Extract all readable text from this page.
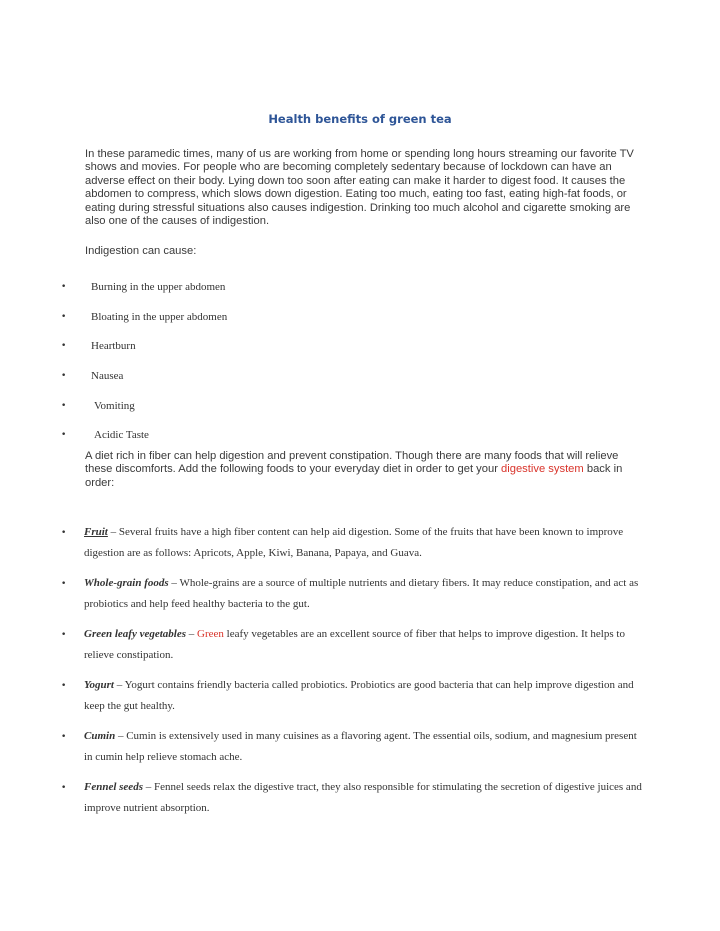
Health benefits of green tea
In these paramedic times, many of us are working from home or spending long hours streaming our favorite TV shows and movies. For people who are becoming completely sedentary because of lockdown can have an adverse effect on their body. Lying down too soon after eating can make it harder to digest food. It causes the abdomen to compress, which slows down digestion. Eating too much, eating too fast, eating high-fat foods, or eating during stressful situations also causes indigestion. Drinking too much alcohol and cigarette smoking are also one of the causes of indigestion.
Indigestion can cause:
• Burning in the upper abdomen
• Bloating in the upper abdomen
• Heartburn
• Nausea
•	Vomiting
•	Acidic Taste
A diet rich in fiber can help digestion and prevent constipation. Though there are many foods that will relieve these discomforts. Add the following foods to your everyday diet in order to get your digestive system back in order:
• Fruit – Several fruits have a high fiber content can help aid digestion. Some of the fruits that have been known to improve digestion are as follows: Apricots, Apple, Kiwi, Banana, Papaya, and Guava.
• Whole-grain foods – Whole-grains are a source of multiple nutrients and dietary fibers. It may reduce constipation, and act as probiotics and help feed healthy bacteria to the gut.
• Green leafy vegetables – Green leafy vegetables are an excellent source of fiber that helps to improve digestion. It helps to relieve constipation.
• Yogurt – Yogurt contains friendly bacteria called probiotics. Probiotics are good bacteria that can help improve digestion and keep the gut healthy.
• Cumin – Cumin is extensively used in many cuisines as a flavoring agent. The essential oils, sodium, and magnesium present in cumin help relieve stomach ache.
• Fennel seeds – Fennel seeds relax the digestive tract, they also responsible for stimulating the secretion of digestive juices and improve nutrient absorption.
